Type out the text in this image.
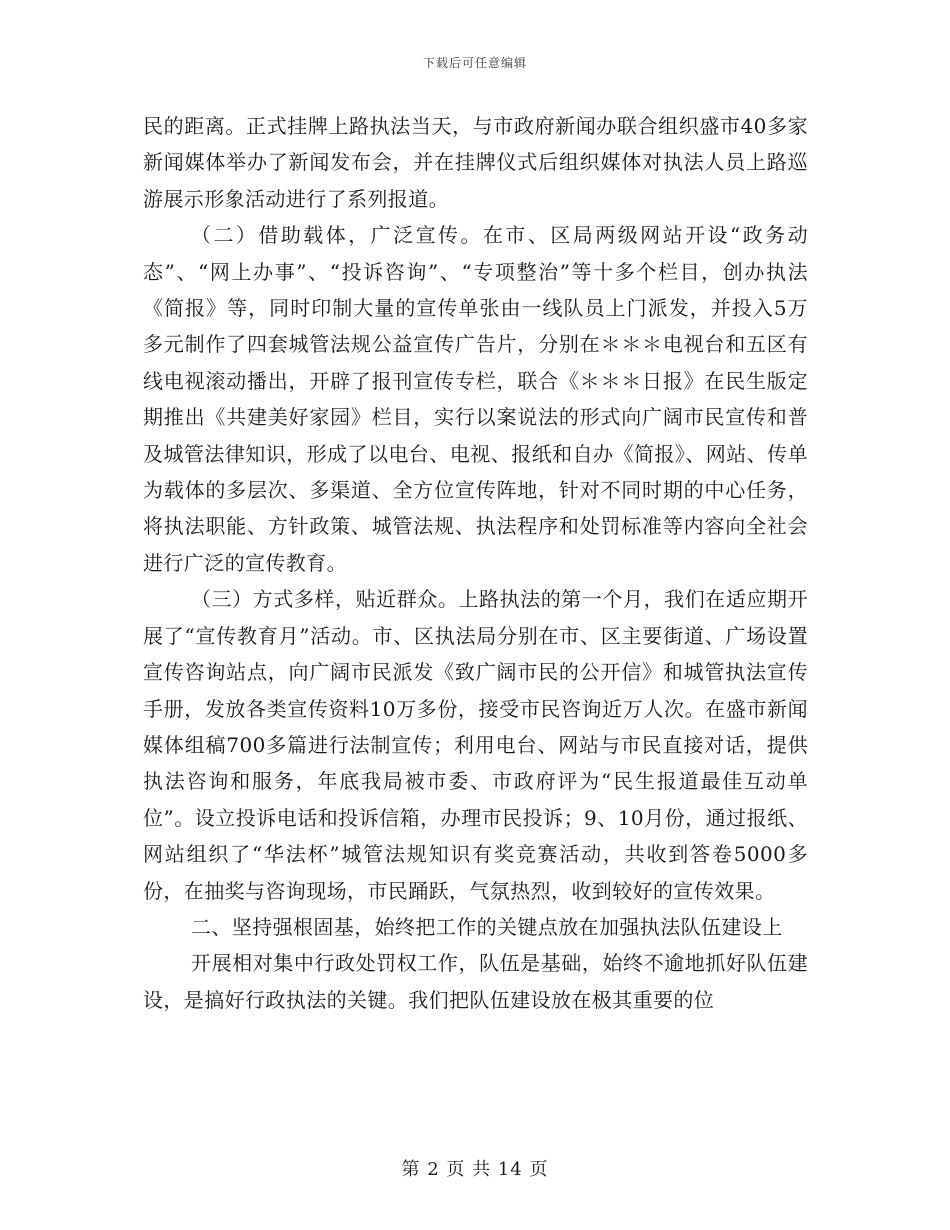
下载后可任意编辑

民的距离。正式挂牌上路执法当天，与市政府新闻办联合组织盛市40多家新闻媒体举办了新闻发布会，并在挂牌仪式后组织媒体对执法人员上路巡游展示形象活动进行了系列报道。

（二）借助载体，广泛宣传。在市、区局两级网站开设“政务动态”、“网上办事”、“投诉咨询”、“专项整治”等十多个栏目，创办执法《简报》等，同时印制大量的宣传单张由一线队员上门派发，并投入5万多元制作了四套城管法规公益宣传广告片，分别在＊＊＊电视台和五区有线电视滚动播出，开辟了报刊宣传专栏，联合《＊＊＊日报》在民生版定期推出《共建美好家园》栏目，实行以案说法的形式向广阔市民宣传和普及城管法律知识，形成了以电台、电视、报纸和自办《简报》、网站、传单为载体的多层次、多渠道、全方位宣传阵地，针对不同时期的中心任务，将执法职能、方针政策、城管法规、执法程序和处罚标准等内容向全社会进行广泛的宣传教育。

（三）方式多样，贴近群众。上路执法的第一个月，我们在适应期开展了“宣传教育月”活动。市、区执法局分别在市、区主要街道、广场设置宣传咨询站点，向广阔市民派发《致广阔市民的公开信》和城管执法宣传手册，发放各类宣传资料10万多份，接受市民咨询近万人次。在盛市新闻媒体组稿700多篇进行法制宣传；利用电台、网站与市民直接对话，提供执法咨询和服务，年底我局被市委、市政府评为“民生报道最佳互动单位”。设立投诉电话和投诉信箱，办理市民投诉；9、10月份，通过报纸、网站组织了“华法杯”城管法规知识有奖竞赛活动，共收到答卷5000多份，在抽奖与咨询现场，市民踊跃，气氛热烈，收到较好的宣传效果。

二、坚持强根固基，始终把工作的关键点放在加强执法队伍建设上

开展相对集中行政处罚权工作，队伍是基础，始终不逾地抓好队伍建设，是搞好行政执法的关键。我们把队伍建设放在极其重要的位

第 2 页 共 14 页
